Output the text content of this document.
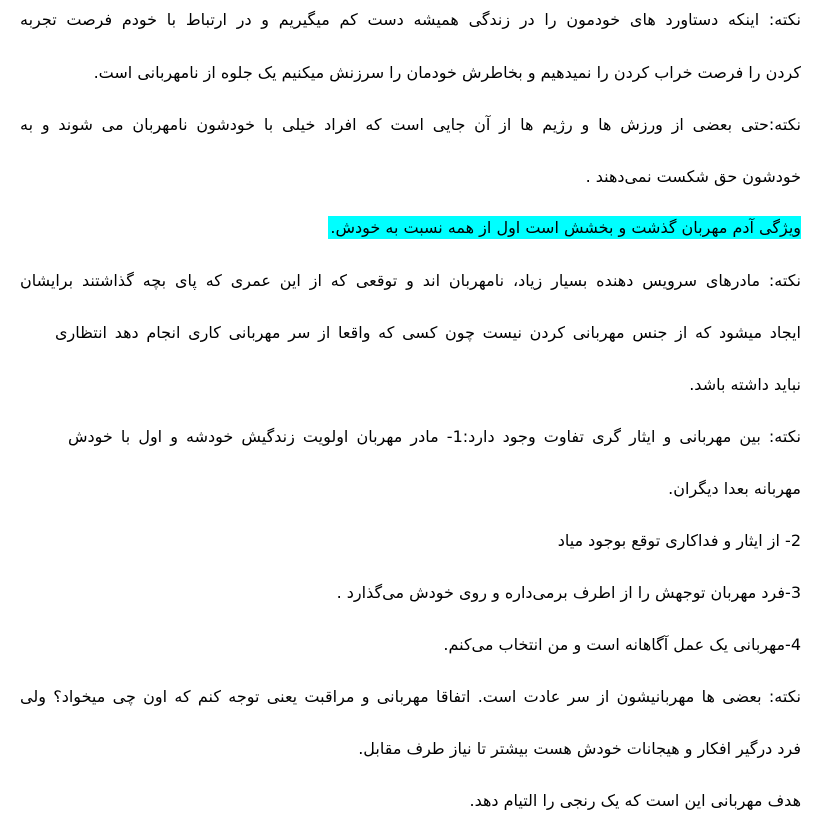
نکته: اینکه دستاورد های خودمون را در زندگی همیشه دست کم میگیریم و در ارتباط با خودم فرصت تجربه
کردن را فرصت خراب کردن را نمیدهیم و بخاطرش خودمان را سرزنش میکنیم یک جلوه از نامهربانی است.
نکته:حتی بعضی از ورزش ها و رژیم ها از آن جایی است که افراد خیلی با خودشون نامهربان می شوند و به
خودشون حق شکست نمی‌دهند .
ویژگی آدم مهربان گذشت و بخشش است اول از همه نسبت به خودش.
نکته: مادرهای سرویس دهنده بسیار زیاد، نامهربان اند و توقعی که از این عمری که پای بچه گذاشتند برایشان
ایجاد میشود که از جنس مهربانی کردن نیست چون کسی که واقعا از سر مهربانی کاری انجام دهد انتظاری
نباید داشته باشد.
نکته: بین مهربانی و ایثار گری تفاوت وجود دارد:1- مادر مهربان اولویت زندگیش خودشه و اول با خودش
مهربانه بعدا دیگران.
2- از ایثار و فداکاری توقع بوجود میاد
3-فرد مهربان توجهش را از اطرف برمی‌داره و روی خودش می‌گذارد .
4-مهربانی یک عمل آگاهانه است و من انتخاب می‌کنم.
نکته: بعضی ها مهربانیشون از سر عادت است. اتفاقا مهربانی و مراقبت یعنی توجه کنم که اون چی میخواد؟ ولی
فرد درگیر افکار و هیجانات خودش هست بیشتر تا نیاز طرف مقابل.
هدف مهربانی این است که یک رنجی را التیام دهد.
